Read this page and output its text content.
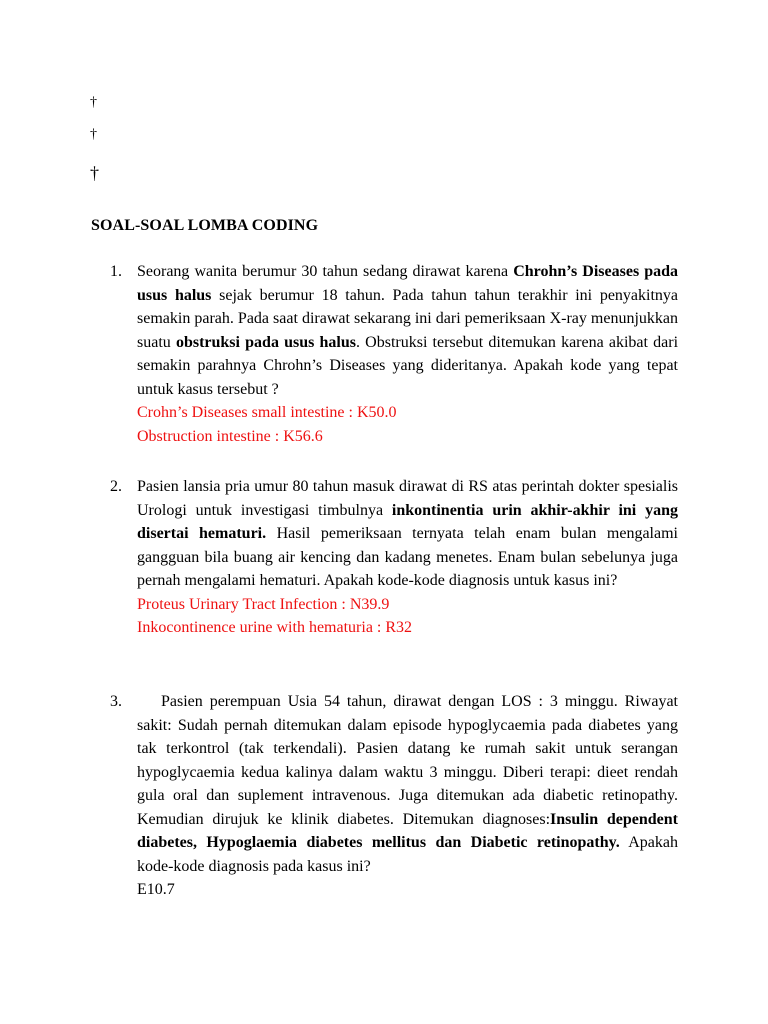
†
†
†
SOAL-SOAL LOMBA CODING
1. Seorang wanita berumur 30 tahun sedang dirawat karena Chrohn’s Diseases pada usus halus sejak berumur 18 tahun. Pada tahun tahun terakhir ini penyakitnya semakin parah. Pada saat dirawat sekarang ini dari pemeriksaan X-ray menunjukkan suatu obstruksi pada usus halus. Obstruksi tersebut ditemukan karena akibat dari semakin parahnya Chrohn’s Diseases yang dideritanya. Apakah kode yang tepat untuk kasus tersebut ?
Crohn’s Diseases small intestine : K50.0
Obstruction intestine : K56.6
2. Pasien lansia pria umur 80 tahun masuk dirawat di RS atas perintah dokter spesialis Urologi untuk investigasi timbulnya inkontinentia urin akhir-akhir ini yang disertai hematuri. Hasil pemeriksaan ternyata telah enam bulan mengalami gangguan bila buang air kencing dan kadang menetes. Enam bulan sebelunya juga pernah mengalami hematuri. Apakah kode-kode diagnosis untuk kasus ini?
Proteus Urinary Tract Infection : N39.9
Inkocontinence urine with hematuria : R32
3.	Pasien perempuan Usia 54 tahun, dirawat dengan LOS : 3 minggu. Riwayat sakit: Sudah pernah ditemukan dalam episode hypoglycaemia pada diabetes yang tak terkontrol (tak terkendali). Pasien datang ke rumah sakit untuk serangan hypoglycaemia kedua kalinya dalam waktu 3 minggu. Diberi terapi: dieet rendah gula oral dan suplement intravenous. Juga ditemukan ada diabetic retinopathy. Kemudian dirujuk ke klinik diabetes. Ditemukan diagnoses:Insulin dependent diabetes, Hypoglaemia diabetes mellitus dan Diabetic retinopathy. Apakah kode-kode diagnosis pada kasus ini?
E10.7
